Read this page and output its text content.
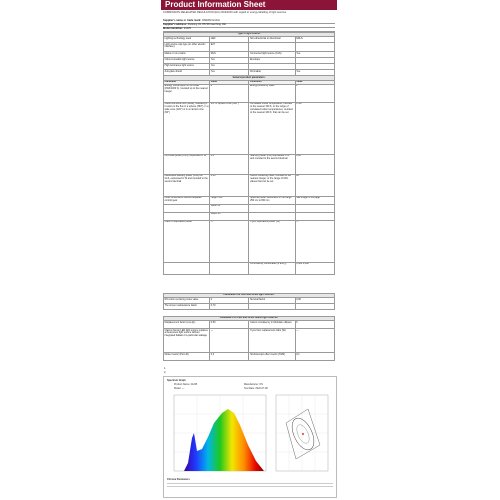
Product Information Sheet
COMMISSION DELEGATED REGULATION (EU) 2019/2015 with regard to energy labelling of light sources
Supplier's name or trade mark: OSRAM GmbH
Supplier's address: Parkring 33, 85748 Garching, DE
Model identifier: 21225
Type of light source:			
Lighting technology used	LED	Non-directional or directional	NDLS
Light source cap-type (or other electric interface)	E27		
Mains or non-mains	MLS	Connected light source (CLS)	Yes
Colour-tuneable light source	Yes	Envelope	
High luminance light source	Yes		
Anti-glare shield	Yes	Dimmable	Yes
General product parameters:			
Parameter	Value	Parameter	Value
Energy consumption in on-mode (kWh/1000 h), rounded up to the nearest integer	8	Energy efficiency class	F
Useful luminous flux (Φuse), indicating if it refers to the flux in a sphere (360°), in a wide cone (120°) or in a narrow cone (90°)	647 in Sphere zone (360°)	Correlated colour temperature, rounded to the nearest 100 K, or the range of correlated colour temperatures, rounded to the nearest 100 K, that can be set	2700
On-mode power (Pon), expressed in W	8,0	Standby power (Psb) expressed in W and rounded to the second decimal	0,00
Networked standby power (Pnet) for CLS, expressed in W and rounded to the second decimal	0,00	Colour rendering index, rounded to the nearest integer, or the range of CRI-values that can be set	80
Outer dimensions without separate control gear	Height 126	Spectral power distribution in the range 250 nm to 800 nm	See image in full page
	Width 60		
	Depth 60		
Claim of equivalent power	—	If yes, equivalent power (W)	—
		Chromaticity coordinates (x and y)	0,460 0,408
Parameters for LED and OLED light sources:			
R9 colour rendering index value	0	Survival factor	0,90
The lumen maintenance factor	0,70		
Parameters for LED and OLED mains light sources:			
Displacement factor (cos φ1)	0,50	Colour consistency in McAdam ellipses	6
Claims that an LED light source replaces a fluorescent light source without integrated ballast of a particular wattage	—	If yes then replacement claim (W)	—
Flicker metric (Pst LM)	0,3	Stroboscopic effect metric (SVM)	0,1
1.
2.
Spectrum Graph
Product Name: 21225	Manufacturer: OS
Model: —	Test Date: 2022-07-08
Chroma Parameters
